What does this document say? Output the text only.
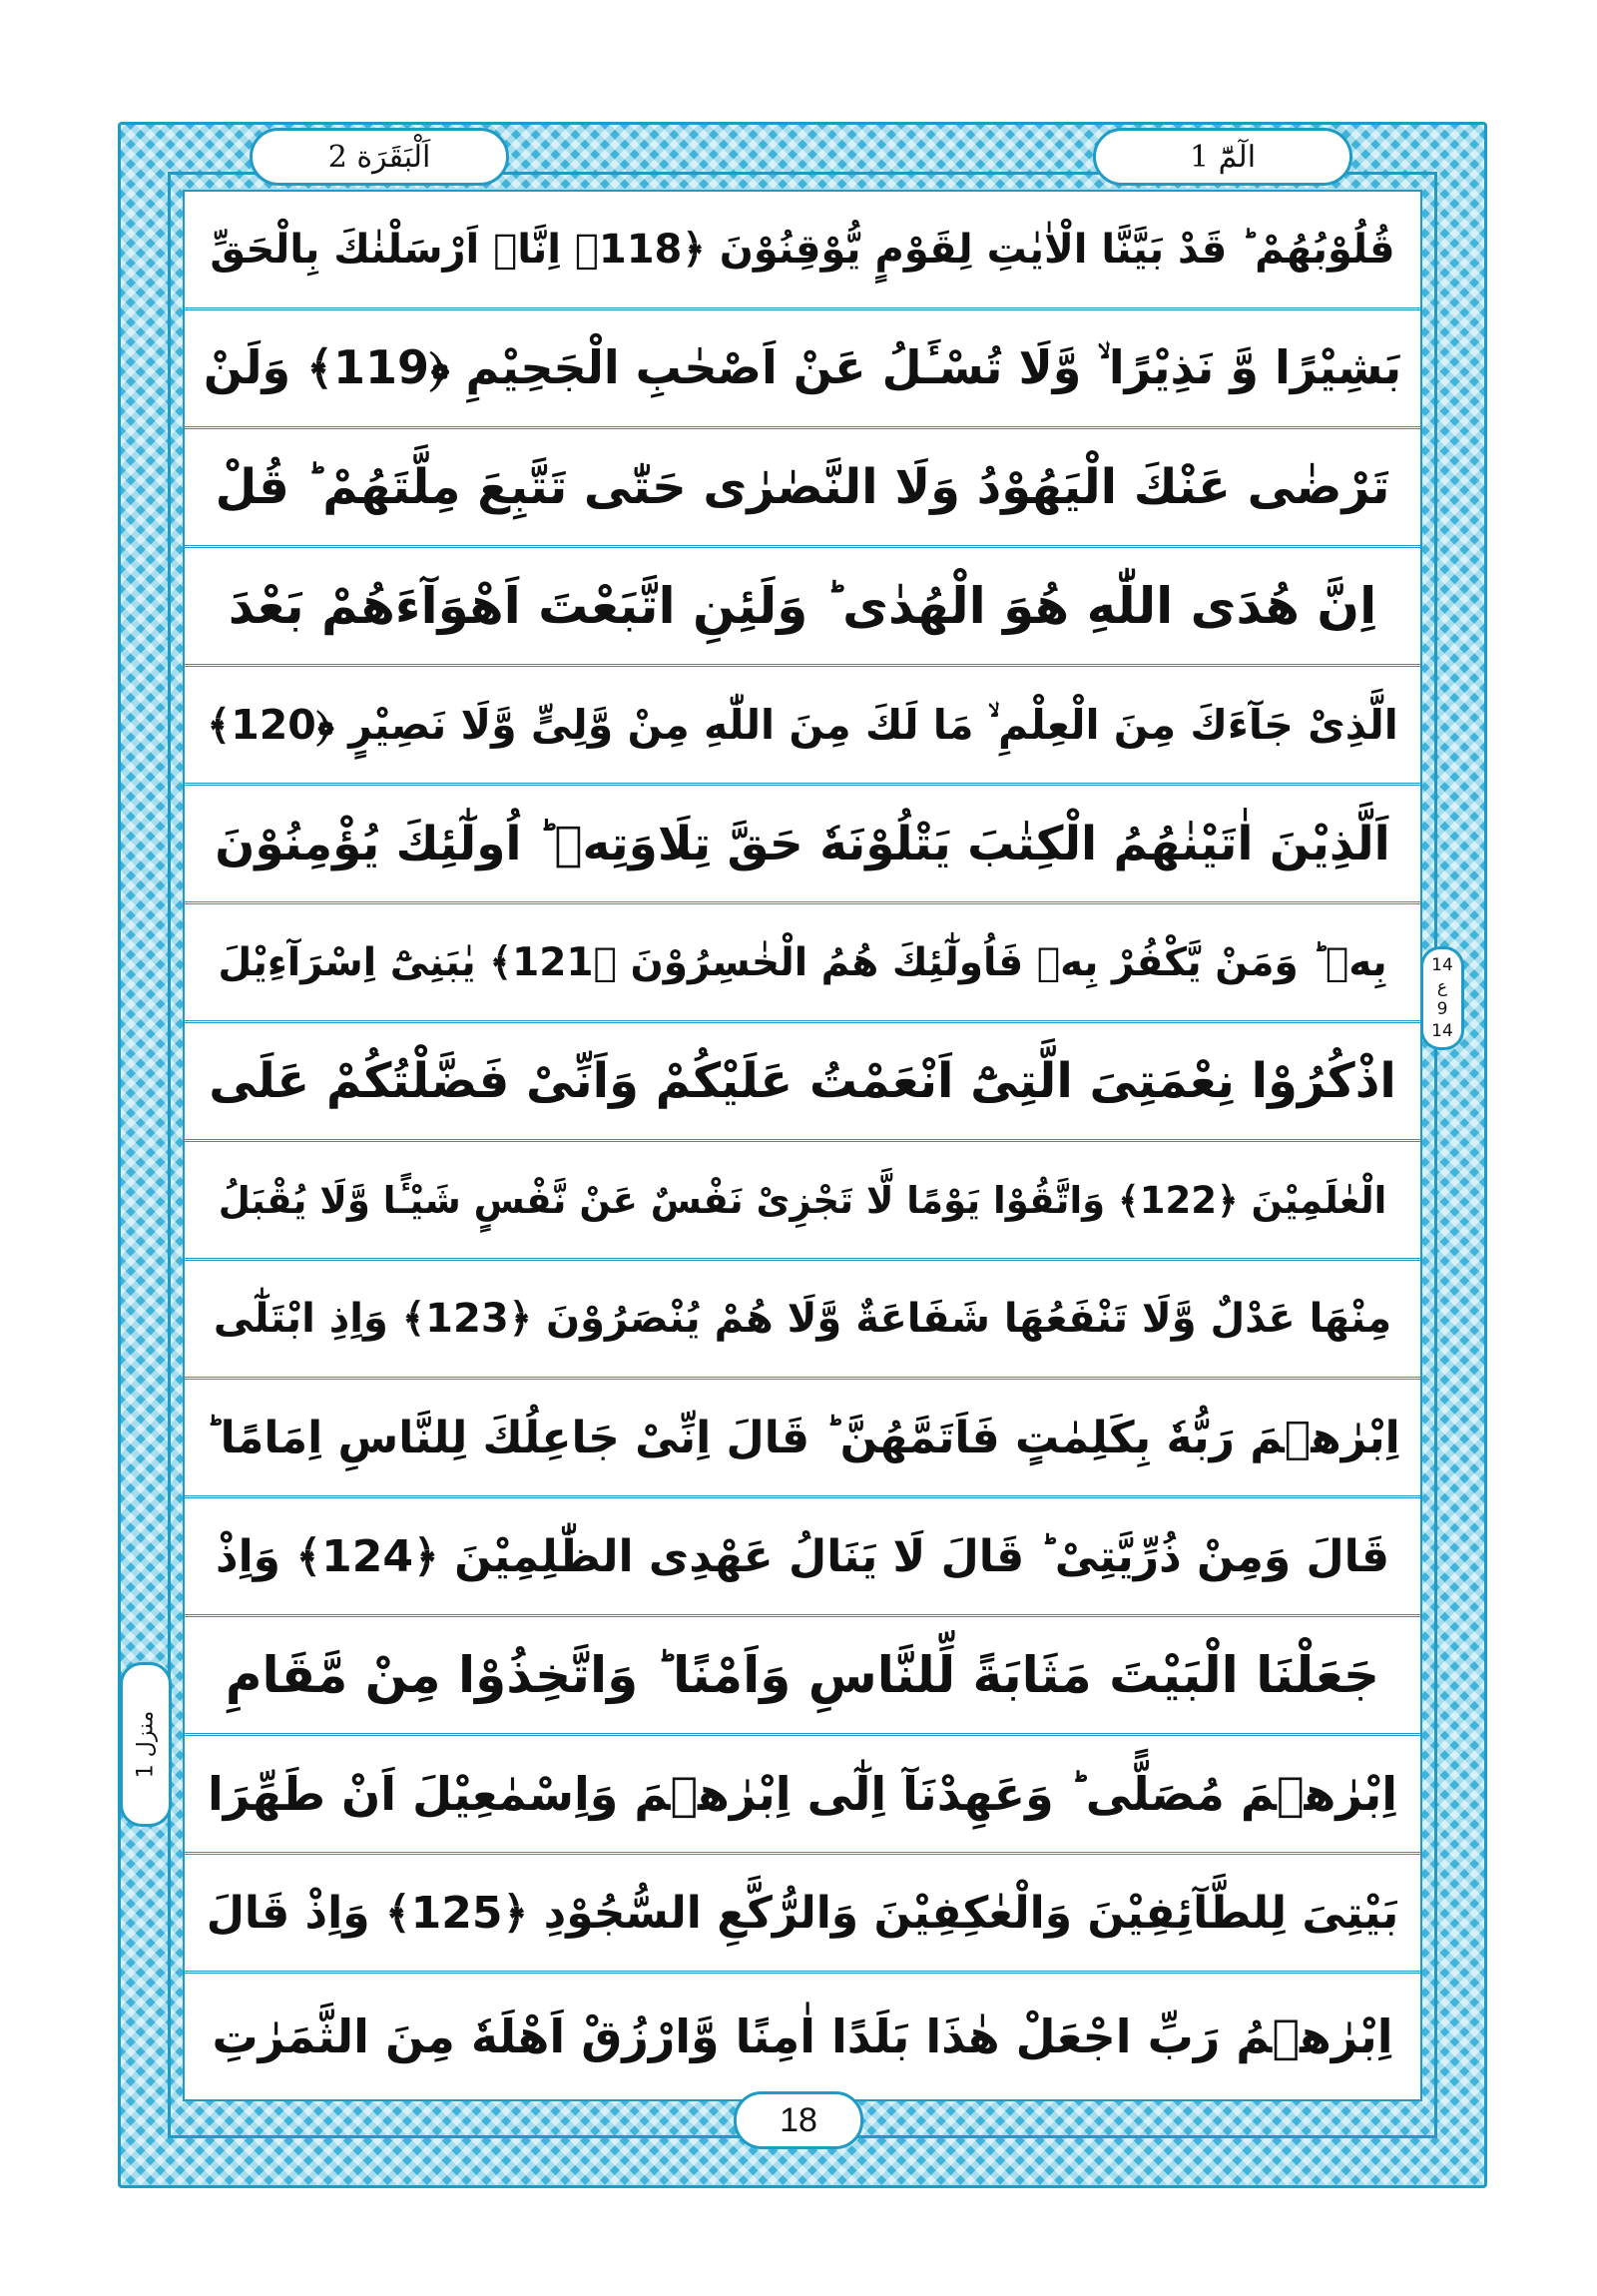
اَلْبَقَرَة 2	الٓمّٓ 1
قُلُوْبُهُمْ ؕ قَدْ بَيَّنَّا الْاٰيٰتِ لِقَوْمٍ يُّوْقِنُوْنَ ﴿118﴾ اِنَّاۤ اَرْسَلْنٰكَ بِالْحَقِّ
بَشِيْرًا وَّ نَذِيْرًا ۙ وَّلَا تُسْـَٔلُ عَنْ اَصْحٰبِ الْجَحِيْمِ ﴿119﴾ وَلَنْ
تَرْضٰى عَنْكَ الْيَهُوْدُ وَلَا النَّصٰرٰى حَتّٰى تَتَّبِعَ مِلَّتَهُمْ ؕ قُلْ
اِنَّ هُدَى اللّٰهِ هُوَ الْهُدٰى ؕ وَلَئِنِ اتَّبَعْتَ اَهْوَآءَهُمْ بَعْدَ
الَّذِىْ جَآءَكَ مِنَ الْعِلْمِ ۙ مَا لَكَ مِنَ اللّٰهِ مِنْ وَّلِىٍّ وَّلَا نَصِيْرٍ ﴿120﴾
اَلَّذِيْنَ اٰتَيْنٰهُمُ الْكِتٰبَ يَتْلُوْنَهٗ حَقَّ تِلَاوَتِهٖ ؕ اُولٰٓئِكَ يُؤْمِنُوْنَ
بِهٖ ؕ وَمَنْ يَّكْفُرْ بِهٖ فَاُولٰٓئِكَ هُمُ الْخٰسِرُوْنَ ﴿121﴾ يٰبَنِىْٓ اِسْرَآءِيْلَ
اذْكُرُوْا نِعْمَتِىَ الَّتِىْٓ اَنْعَمْتُ عَلَيْكُمْ وَاَنِّىْ فَضَّلْتُكُمْ عَلَى
الْعٰلَمِيْنَ ﴿122﴾ وَاتَّقُوْا يَوْمًا لَّا تَجْزِىْ نَفْسٌ عَنْ نَّفْسٍ شَيْـًٔا وَّلَا يُقْبَلُ
مِنْهَا عَدْلٌ وَّلَا تَنْفَعُهَا شَفَاعَةٌ وَّلَا هُمْ يُنْصَرُوْنَ ﴿123﴾ وَاِذِ ابْتَلٰٓى
اِبْرٰهٖمَ رَبُّهٗ بِكَلِمٰتٍ فَاَتَمَّهُنَّ ؕ قَالَ اِنِّىْ جَاعِلُكَ لِلنَّاسِ اِمَامًا ؕ
قَالَ وَمِنْ ذُرِّيَّتِىْ ؕ قَالَ لَا يَنَالُ عَهْدِى الظّٰلِمِيْنَ ﴿124﴾ وَاِذْ
جَعَلْنَا الْبَيْتَ مَثَابَةً لِّلنَّاسِ وَاَمْنًا ؕ وَاتَّخِذُوْا مِنْ مَّقَامِ
اِبْرٰهٖمَ مُصَلًّى ؕ وَعَهِدْنَآ اِلٰٓى اِبْرٰهٖمَ وَاِسْمٰعِيْلَ اَنْ طَهِّرَا
بَيْتِىَ لِلطَّآئِفِيْنَ وَالْعٰكِفِيْنَ وَالرُّكَّعِ السُّجُوْدِ ﴿125﴾ وَاِذْ قَالَ
اِبْرٰهٖمُ رَبِّ اجْعَلْ هٰذَا بَلَدًا اٰمِنًا وَّارْزُقْ اَهْلَهٗ مِنَ الثَّمَرٰتِ
14
ع
9
14
منزل 1
18
